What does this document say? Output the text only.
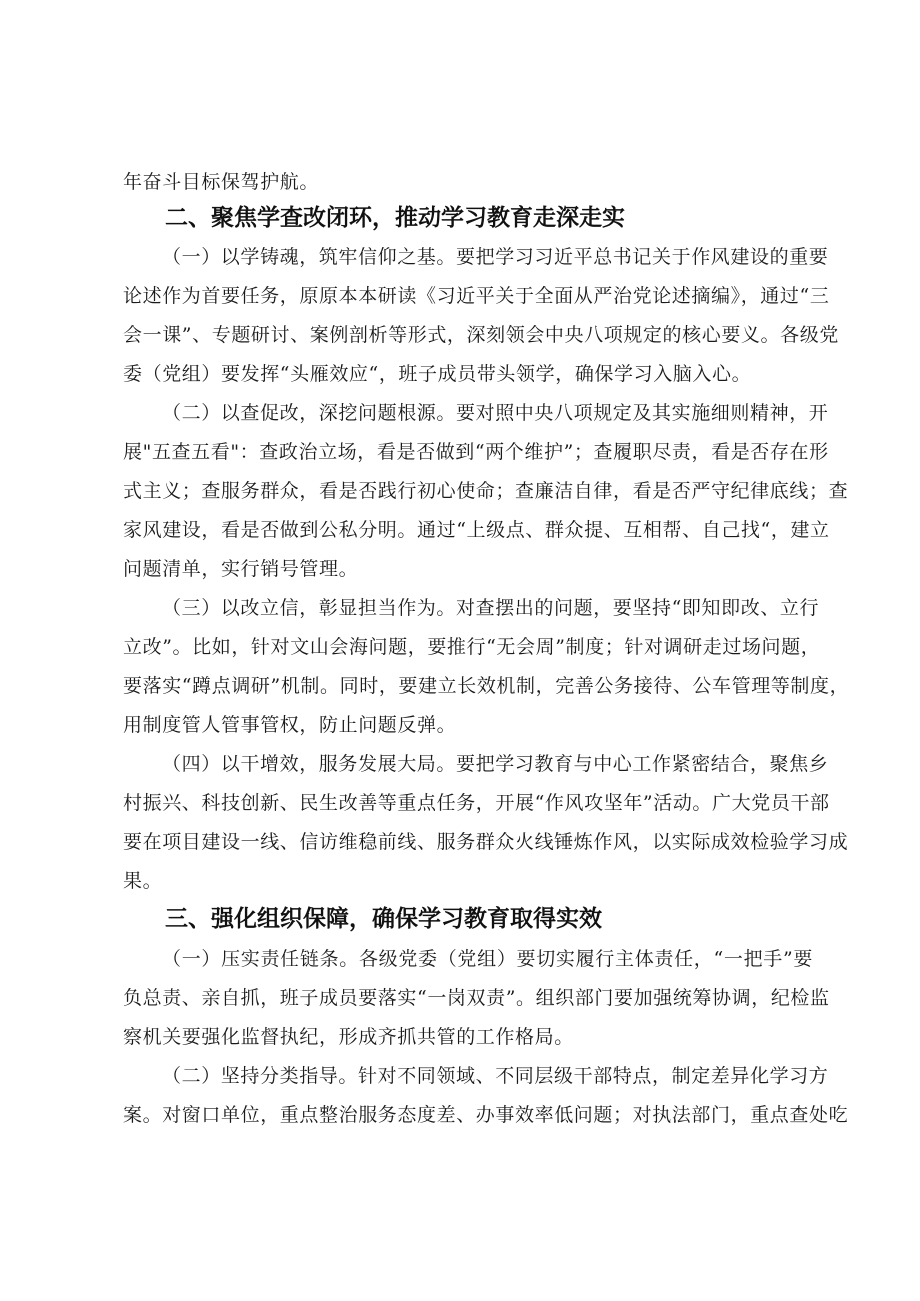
年奋斗目标保驾护航。
二、聚焦学查改闭环，推动学习教育走深走实
（一）以学铸魂，筑牢信仰之基。要把学习习近平总书记关于作风建设的重要
论述作为首要任务，原原本本研读《习近平关于全面从严治党论述摘编》，通过“三
会一课”、专题研讨、案例剖析等形式，深刻领会中央八项规定的核心要义。各级党
委（党组）要发挥“头雁效应“，班子成员带头领学，确保学习入脑入心。
（二）以查促改，深挖问题根源。要对照中央八项规定及其实施细则精神，开
展"五查五看"：查政治立场，看是否做到“两个维护”；查履职尽责，看是否存在形
式主义；查服务群众，看是否践行初心使命；查廉洁自律，看是否严守纪律底线；查
家风建设，看是否做到公私分明。通过“上级点、群众提、互相帮、自己找“，建立
问题清单，实行销号管理。
（三）以改立信，彰显担当作为。对查摆出的问题，要坚持“即知即改、立行
立改”。比如，针对文山会海问题，要推行“无会周”制度；针对调研走过场问题，
要落实“蹲点调研”机制。同时，要建立长效机制，完善公务接待、公车管理等制度，
用制度管人管事管权，防止问题反弹。
（四）以干增效，服务发展大局。要把学习教育与中心工作紧密结合，聚焦乡
村振兴、科技创新、民生改善等重点任务，开展“作风攻坚年”活动。广大党员干部
要在项目建设一线、信访维稳前线、服务群众火线锤炼作风，以实际成效检验学习成
果。
三、强化组织保障，确保学习教育取得实效
（一）压实责任链条。各级党委（党组）要切实履行主体责任，“一把手”要
负总责、亲自抓，班子成员要落实“一岗双责”。组织部门要加强统筹协调，纪检监
察机关要强化监督执纪，形成齐抓共管的工作格局。
（二）坚持分类指导。针对不同领域、不同层级干部特点，制定差异化学习方
案。对窗口单位，重点整治服务态度差、办事效率低问题；对执法部门，重点查处吃
